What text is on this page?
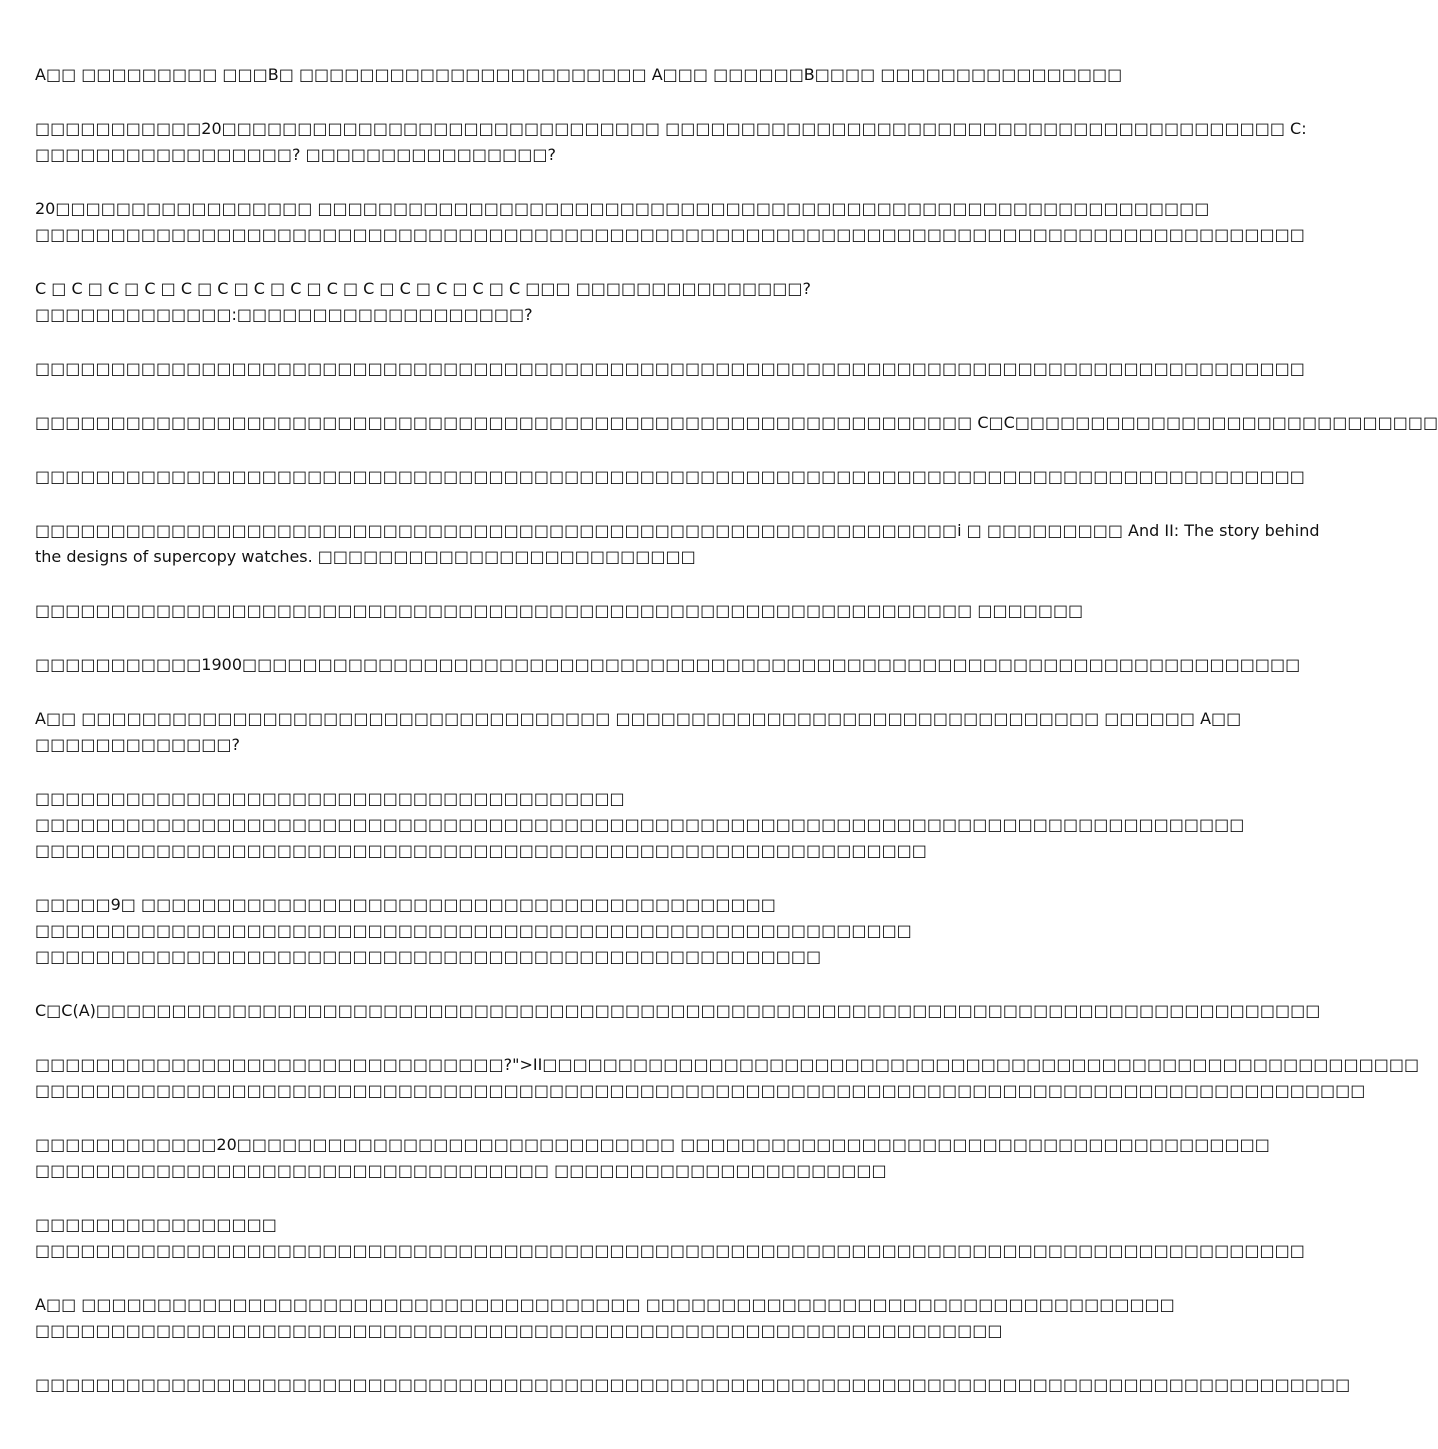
A□□ □□□□□□□□□ □□□B□ □□□□□□□□□□□□□□□□□□□□□□□ A□□□ □□□□□□B□□□□ □□□□□□□□□□□□□□□□

□□□□□□□□□□□20□□□□□□□□□□□□□□□□□□□□□□□□□□□□□ □□□□□□□□□□□□□□□□□□□□□□□□□□□□□□□□□□□□□□□□□ C:
□□□□□□□□□□□□□□□□□? □□□□□□□□□□□□□□□□?

20□□□□□□□□□□□□□□□□□ □□□□□□□□□□□□□□□□□□□□□□□□□□□□□□□□□□□□□□□□□□□□□□□□□□□□□□□□□□□
□□□□□□□□□□□□□□□□□□□□□□□□□□□□□□□□□□□□□□□□□□□□□□□□□□□□□□□□□□□□□□□□□□□□□□□□□□□□□□□□□□□□

C □ C □ C □ C □ C □ C □ C □ C □ C □ C □ C □ C □ C □ C □□□ □□□□□□□□□□□□□□□?
□□□□□□□□□□□□□:□□□□□□□□□□□□□□□□□□□?

□□□□□□□□□□□□□□□□□□□□□□□□□□□□□□□□□□□□□□□□□□□□□□□□□□□□□□□□□□□□□□□□□□□□□□□□□□□□□□□□□□□□

□□□□□□□□□□□□□□□□□□□□□□□□□□□□□□□□□□□□□□□□□□□□□□□□□□□□□□□□□□□□□□ C□C□□□□□□□□□□□□□□□□□□□□□□□□□□□□

□□□□□□□□□□□□□□□□□□□□□□□□□□□□□□□□□□□□□□□□□□□□□□□□□□□□□□□□□□□□□□□□□□□□□□□□□□□□□□□□□□□□

□□□□□□□□□□□□□□□□□□□□□□□□□□□□□□□□□□□□□□□□□□□□□□□□□□□□□□□□□□□□□i □ □□□□□□□□□ And II: The story behind
the designs of supercopy watches. □□□□□□□□□□□□□□□□□□□□□□□□□

□□□□□□□□□□□□□□□□□□□□□□□□□□□□□□□□□□□□□□□□□□□□□□□□□□□□□□□□□□□□□□ □□□□□□□

□□□□□□□□□□□1900□□□□□□□□□□□□□□□□□□□□□□□□□□□□□□□□□□□□□□□□□□□□□□□□□□□□□□□□□□□□□□□□□□□□□□

A□□ □□□□□□□□□□□□□□□□□□□□□□□□□□□□□□□□□□□ □□□□□□□□□□□□□□□□□□□□□□□□□□□□□□□□ □□□□□□ A□□
□□□□□□□□□□□□□?

□□□□□□□□□□□□□□□□□□□□□□□□□□□□□□□□□□□□□□□
□□□□□□□□□□□□□□□□□□□□□□□□□□□□□□□□□□□□□□□□□□□□□□□□□□□□□□□□□□□□□□□□□□□□□□□□□□□□□□□□
□□□□□□□□□□□□□□□□□□□□□□□□□□□□□□□□□□□□□□□□□□□□□□□□□□□□□□□□□□□

□□□□□9□ □□□□□□□□□□□□□□□□□□□□□□□□□□□□□□□□□□□□□□□□□□
□□□□□□□□□□□□□□□□□□□□□□□□□□□□□□□□□□□□□□□□□□□□□□□□□□□□□□□□□□
□□□□□□□□□□□□□□□□□□□□□□□□□□□□□□□□□□□□□□□□□□□□□□□□□□□□

C□C(A)□□□□□□□□□□□□□□□□□□□□□□□□□□□□□□□□□□□□□□□□□□□□□□□□□□□□□□□□□□□□□□□□□□□□□□□□□□□□□□□□□

□□□□□□□□□□□□□□□□□□□□□□□□□□□□□□□?">II□□□□□□□□□□□□□□□□□□□□□□□□□□□□□□□□□□□□□□□□□□□□□□□□□□□□□□□□□□
□□□□□□□□□□□□□□□□□□□□□□□□□□□□□□□□□□□□□□□□□□□□□□□□□□□□□□□□□□□□□□□□□□□□□□□□□□□□□□□□□□□□□□□□

□□□□□□□□□□□□20□□□□□□□□□□□□□□□□□□□□□□□□□□□□□ □□□□□□□□□□□□□□□□□□□□□□□□□□□□□□□□□□□□□□□
□□□□□□□□□□□□□□□□□□□□□□□□□□□□□□□□□□ □□□□□□□□□□□□□□□□□□□□□□

□□□□□□□□□□□□□□□□
□□□□□□□□□□□□□□□□□□□□□□□□□□□□□□□□□□□□□□□□□□□□□□□□□□□□□□□□□□□□□□□□□□□□□□□□□□□□□□□□□□□□

A□□ □□□□□□□□□□□□□□□□□□□□□□□□□□□□□□□□□□□□□ □□□□□□□□□□□□□□□□□□□□□□□□□□□□□□□□□□□
□□□□□□□□□□□□□□□□□□□□□□□□□□□□□□□□□□□□□□□□□□□□□□□□□□□□□□□□□□□□□□□□

□□□□□□□□□□□□□□□□□□□□□□□□□□□□□□□□□□□□□□□□□□□□□□□□□□□□□□□□□□□□□□□□□□□□□□□□□□□□□□□□□□□□□□□
